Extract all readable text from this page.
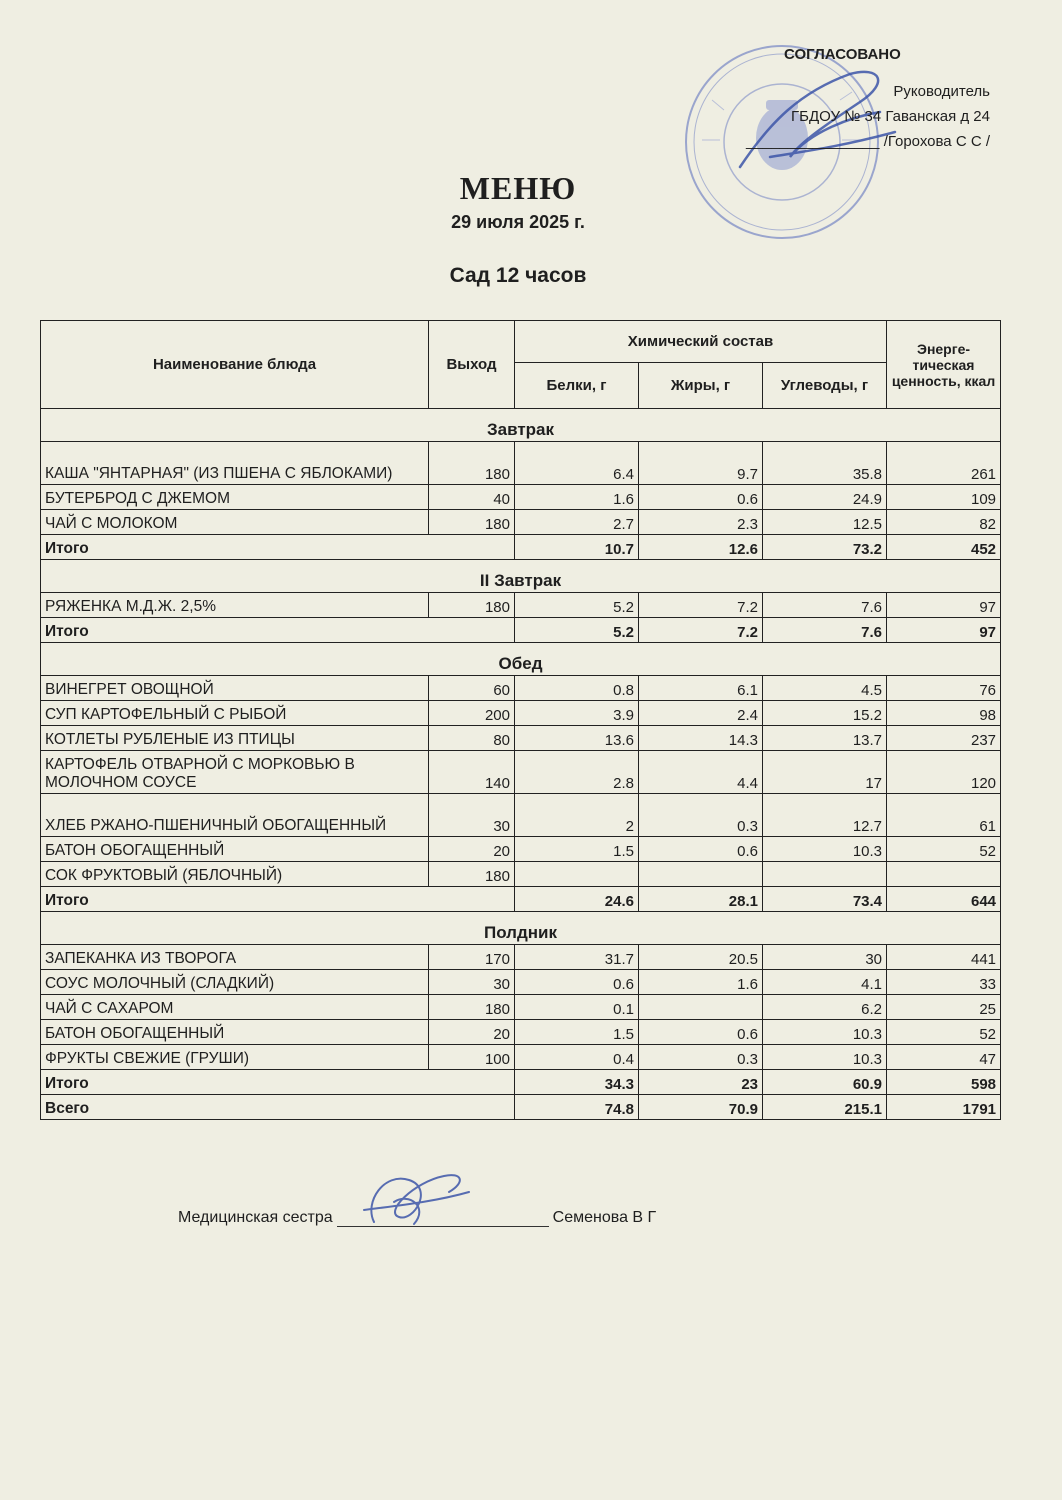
СОГЛАСОВАНО
Руководитель
ГБДОУ № 34 Гаванская д 24
________________ /Горохова С С /
МЕНЮ
29 июля 2025 г.
Сад 12 часов
Наименование блюда	Выход	Химический состав			Энерге-тическая ценность, ккал
		Белки, г	Жиры, г	Углеводы, г	
Завтрак					
КАША "ЯНТАРНАЯ" (ИЗ ПШЕНА С ЯБЛОКАМИ)	180	6.4	9.7	35.8	261
БУТЕРБРОД С ДЖЕМОМ	40	1.6	0.6	24.9	109
ЧАЙ С МОЛОКОМ	180	2.7	2.3	12.5	82
Итого		10.7	12.6	73.2	452
II Завтрак					
РЯЖЕНКА М.Д.Ж. 2,5%	180	5.2	7.2	7.6	97
Итого		5.2	7.2	7.6	97
Обед					
ВИНЕГРЕТ ОВОЩНОЙ	60	0.8	6.1	4.5	76
СУП КАРТОФЕЛЬНЫЙ С РЫБОЙ	200	3.9	2.4	15.2	98
КОТЛЕТЫ РУБЛЕНЫЕ ИЗ ПТИЦЫ	80	13.6	14.3	13.7	237
КАРТОФЕЛЬ ОТВАРНОЙ С МОРКОВЬЮ В МОЛОЧНОМ СОУСЕ	140	2.8	4.4	17	120
ХЛЕБ РЖАНО-ПШЕНИЧНЫЙ ОБОГАЩЕННЫЙ	30	2	0.3	12.7	61
БАТОН ОБОГАЩЕННЫЙ	20	1.5	0.6	10.3	52
СОК ФРУКТОВЫЙ (ЯБЛОЧНЫЙ)	180				
Итого		24.6	28.1	73.4	644
Полдник					
ЗАПЕКАНКА ИЗ ТВОРОГА	170	31.7	20.5	30	441
СОУС МОЛОЧНЫЙ (СЛАДКИЙ)	30	0.6	1.6	4.1	33
ЧАЙ С САХАРОМ	180	0.1		6.2	25
БАТОН ОБОГАЩЕННЫЙ	20	1.5	0.6	10.3	52
ФРУКТЫ СВЕЖИЕ (ГРУШИ)	100	0.4	0.3	10.3	47
Итого		34.3	23	60.9	598
Всего		74.8	70.9	215.1	1791
Медицинская сестра	Семенова В Г
